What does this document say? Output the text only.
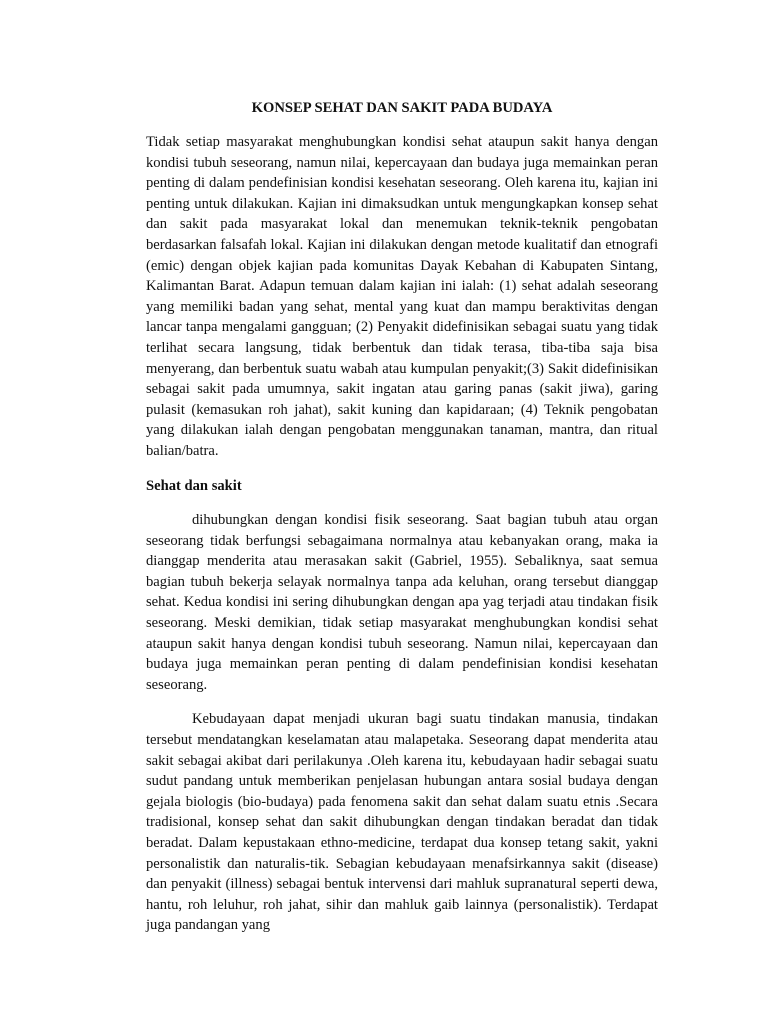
KONSEP SEHAT DAN SAKIT PADA BUDAYA

Tidak setiap masyarakat menghubungkan kondisi sehat ataupun sakit hanya dengan kondisi tubuh seseorang, namun nilai, kepercayaan dan budaya juga memainkan peran penting di dalam pendefinisian kondisi kesehatan seseorang. Oleh karena itu, kajian ini penting untuk dilakukan. Kajian ini dimaksudkan untuk mengungkapkan konsep sehat dan sakit pada masyarakat lokal dan menemukan teknik-teknik pengobatan berdasarkan falsafah lokal. Kajian ini dilakukan dengan metode kualitatif dan etnografi (emic) dengan objek kajian pada komunitas Dayak Kebahan di Kabupaten Sintang, Kalimantan Barat. Adapun temuan dalam kajian ini ialah: (1) sehat adalah seseorang yang memiliki badan yang sehat, mental yang kuat dan mampu beraktivitas dengan lancar tanpa mengalami gangguan; (2) Penyakit didefinisikan sebagai suatu yang tidak terlihat secara langsung, tidak berbentuk dan tidak terasa, tiba-tiba saja bisa menyerang, dan berbentuk suatu wabah atau kumpulan penyakit;(3) Sakit didefinisikan sebagai sakit pada umumnya, sakit ingatan atau garing panas (sakit jiwa), garing pulasit (kemasukan roh jahat), sakit kuning dan kapidaraan; (4) Teknik pengobatan yang dilakukan ialah dengan pengobatan menggunakan tanaman, mantra, dan ritual balian/batra.

Sehat dan sakit

dihubungkan dengan kondisi fisik seseorang. Saat bagian tubuh atau organ seseorang tidak berfungsi sebagaimana normalnya atau kebanyakan orang, maka ia dianggap menderita atau merasakan sakit (Gabriel, 1955). Sebaliknya, saat semua bagian tubuh bekerja selayak normalnya tanpa ada keluhan, orang tersebut dianggap sehat. Kedua kondisi ini sering dihubungkan dengan apa yag terjadi atau tindakan fisik seseorang. Meski demikian, tidak setiap masyarakat menghubungkan kondisi sehat ataupun sakit hanya dengan kondisi tubuh seseorang. Namun nilai, kepercayaan dan budaya juga memainkan peran penting di dalam pendefinisian kondisi kesehatan seseorang.

Kebudayaan dapat menjadi ukuran bagi suatu tindakan manusia, tindakan tersebut mendatangkan keselamatan atau malapetaka. Seseorang dapat menderita atau sakit sebagai akibat dari perilakunya .Oleh karena itu, kebudayaan hadir sebagai suatu sudut pandang untuk memberikan penjelasan hubungan antara sosial budaya dengan gejala biologis (bio-budaya) pada fenomena sakit dan sehat dalam suatu etnis .Secara tradisional, konsep sehat dan sakit dihubungkan dengan tindakan beradat dan tidak beradat. Dalam kepustakaan ethno-medicine, terdapat dua konsep tetang sakit, yakni personalistik dan naturalis-tik. Sebagian kebudayaan menafsirkannya sakit (disease) dan penyakit (illness) sebagai bentuk intervensi dari mahluk supranatural seperti dewa, hantu, roh leluhur, roh jahat, sihir dan mahluk gaib lainnya (personalistik). Terdapat juga pandangan yang
